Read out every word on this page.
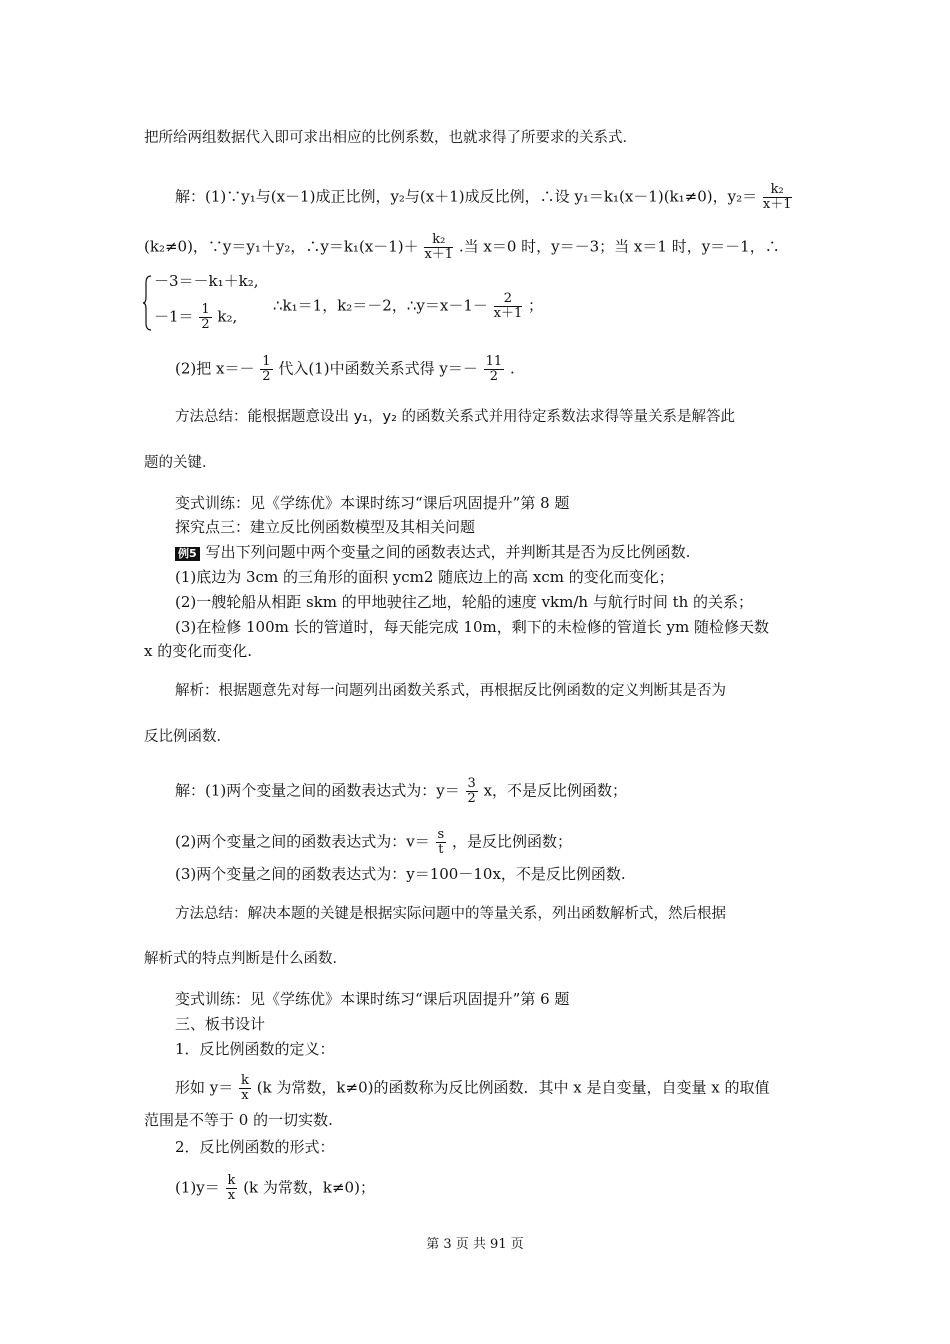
把所给两组数据代入即可求出相应的比例系数，也就求得了所要求的关系式．
解：(1)∵y₁与(x－1)成正比例，y₂与(x＋1)成反比例，∴设 y₁＝k₁(x－1)(k₁≠0)，$y_2= \frac{\text{k₂}}{x+1}$
(k₂≠0)，∵y＝y₁＋y₂，∴y＝k₁(x－1)＋ $\frac{\text{k₂}}{x+1}$ .当 x＝0 时，y＝－3；当 x＝1 时，y＝－1，∴
－3＝－k₁＋k₂,
$-1= \frac{1}{2} k_2$,
∴k₁＝1，k₂＝－2，∴y＝x－1－ $\frac{2}{x+1}$ ；
(2)把 $x=- \frac{1}{2}$ 代入(1)中函数关系式得 $y=- \frac{11}{2}$ .
方法总结：能根据题意设出 y₁，y₂ 的函数关系式并用待定系数法求得等量关系是解答此
题的关键．
变式训练：见《学练优》本课时练习“课后巩固提升”第 8 题
探究点三：建立反比例函数模型及其相关问题
例5 写出下列问题中两个变量之间的函数表达式，并判断其是否为反比例函数.
(1)底边为 3cm 的三角形的面积 ycm2 随底边上的高 xcm 的变化而变化；
(2)一艘轮船从相距 skm 的甲地驶往乙地，轮船的速度 vkm/h 与航行时间 th 的关系；
(3)在检修 100m 长的管道时，每天能完成 10m，剩下的未检修的管道长 ym 随检修天数
x 的变化而变化.
解析：根据题意先对每一问题列出函数关系式，再根据反比例函数的定义判断其是否为
反比例函数．
解：(1)两个变量之间的函数表达式为：$y= \frac{3}{2}$ x，不是反比例函数；
(2)两个变量之间的函数表达式为：$v= \frac{s}{t}$ ，是反比例函数；
(3)两个变量之间的函数表达式为：y＝100－10x，不是反比例函数.
方法总结：解决本题的关键是根据实际问题中的等量关系，列出函数解析式，然后根据
解析式的特点判断是什么函数．
变式训练：见《学练优》本课时练习“课后巩固提升”第 6 题
三、板书设计
1．反比例函数的定义：
形如 $y= \frac{k}{x} (k$ 为常数，k≠0)的函数称为反比例函数．其中 x 是自变量，自变量 x 的取值
范围是不等于 0 的一切实数.
2．反比例函数的形式：
$(1)y= \frac{k}{x} (k$ 为常数，k≠0)；
第 3 页 共 91 页
